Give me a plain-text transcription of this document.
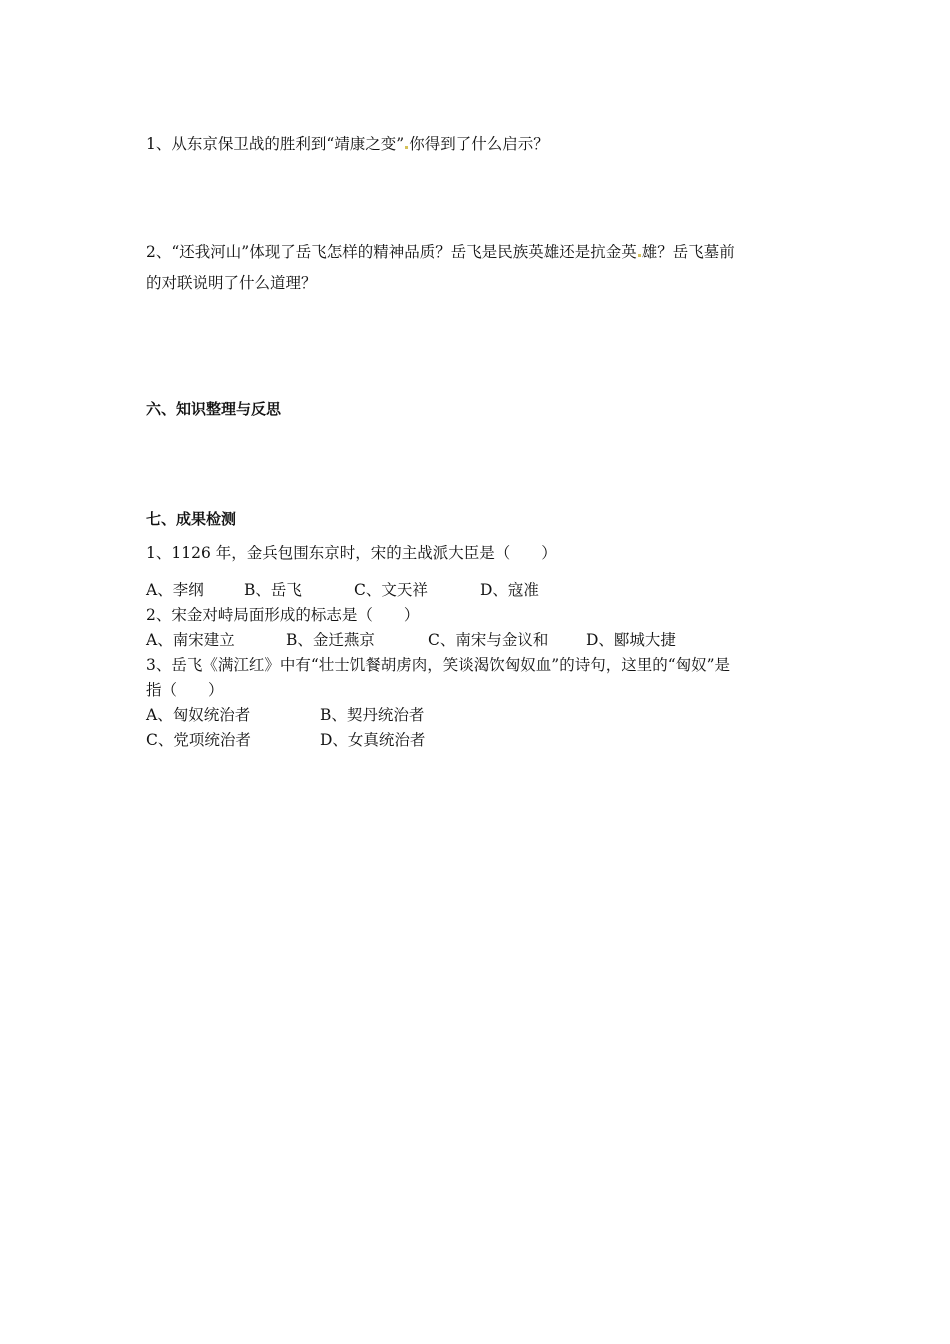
1、从东京保卫战的胜利到“靖康之变” 你得到了什么启示？
2、“还我河山”体现了岳飞怎样的精神品质？岳飞是民族英雄还是抗金英 雄？岳飞墓前
的对联说明了什么道理？
六、知识整理与反思
七、成果检测
1、1126 年，金兵包围东京时，宋的主战派大臣是（　　）
A、李纲	B、岳飞	C、文天祥	D、寇准
2、宋金对峙局面形成的标志是（　　）
A、南宋建立	B、金迁燕京	C、南宋与金议和 D、郾城大捷
3、岳飞《满江红》中有“壮士饥餐胡虏肉，笑谈渴饮匈奴血”的诗句，这里的“匈奴”是
指（　　）
A、匈奴统治者	B、契丹统治者
C、党项统治者	D、女真统治者
